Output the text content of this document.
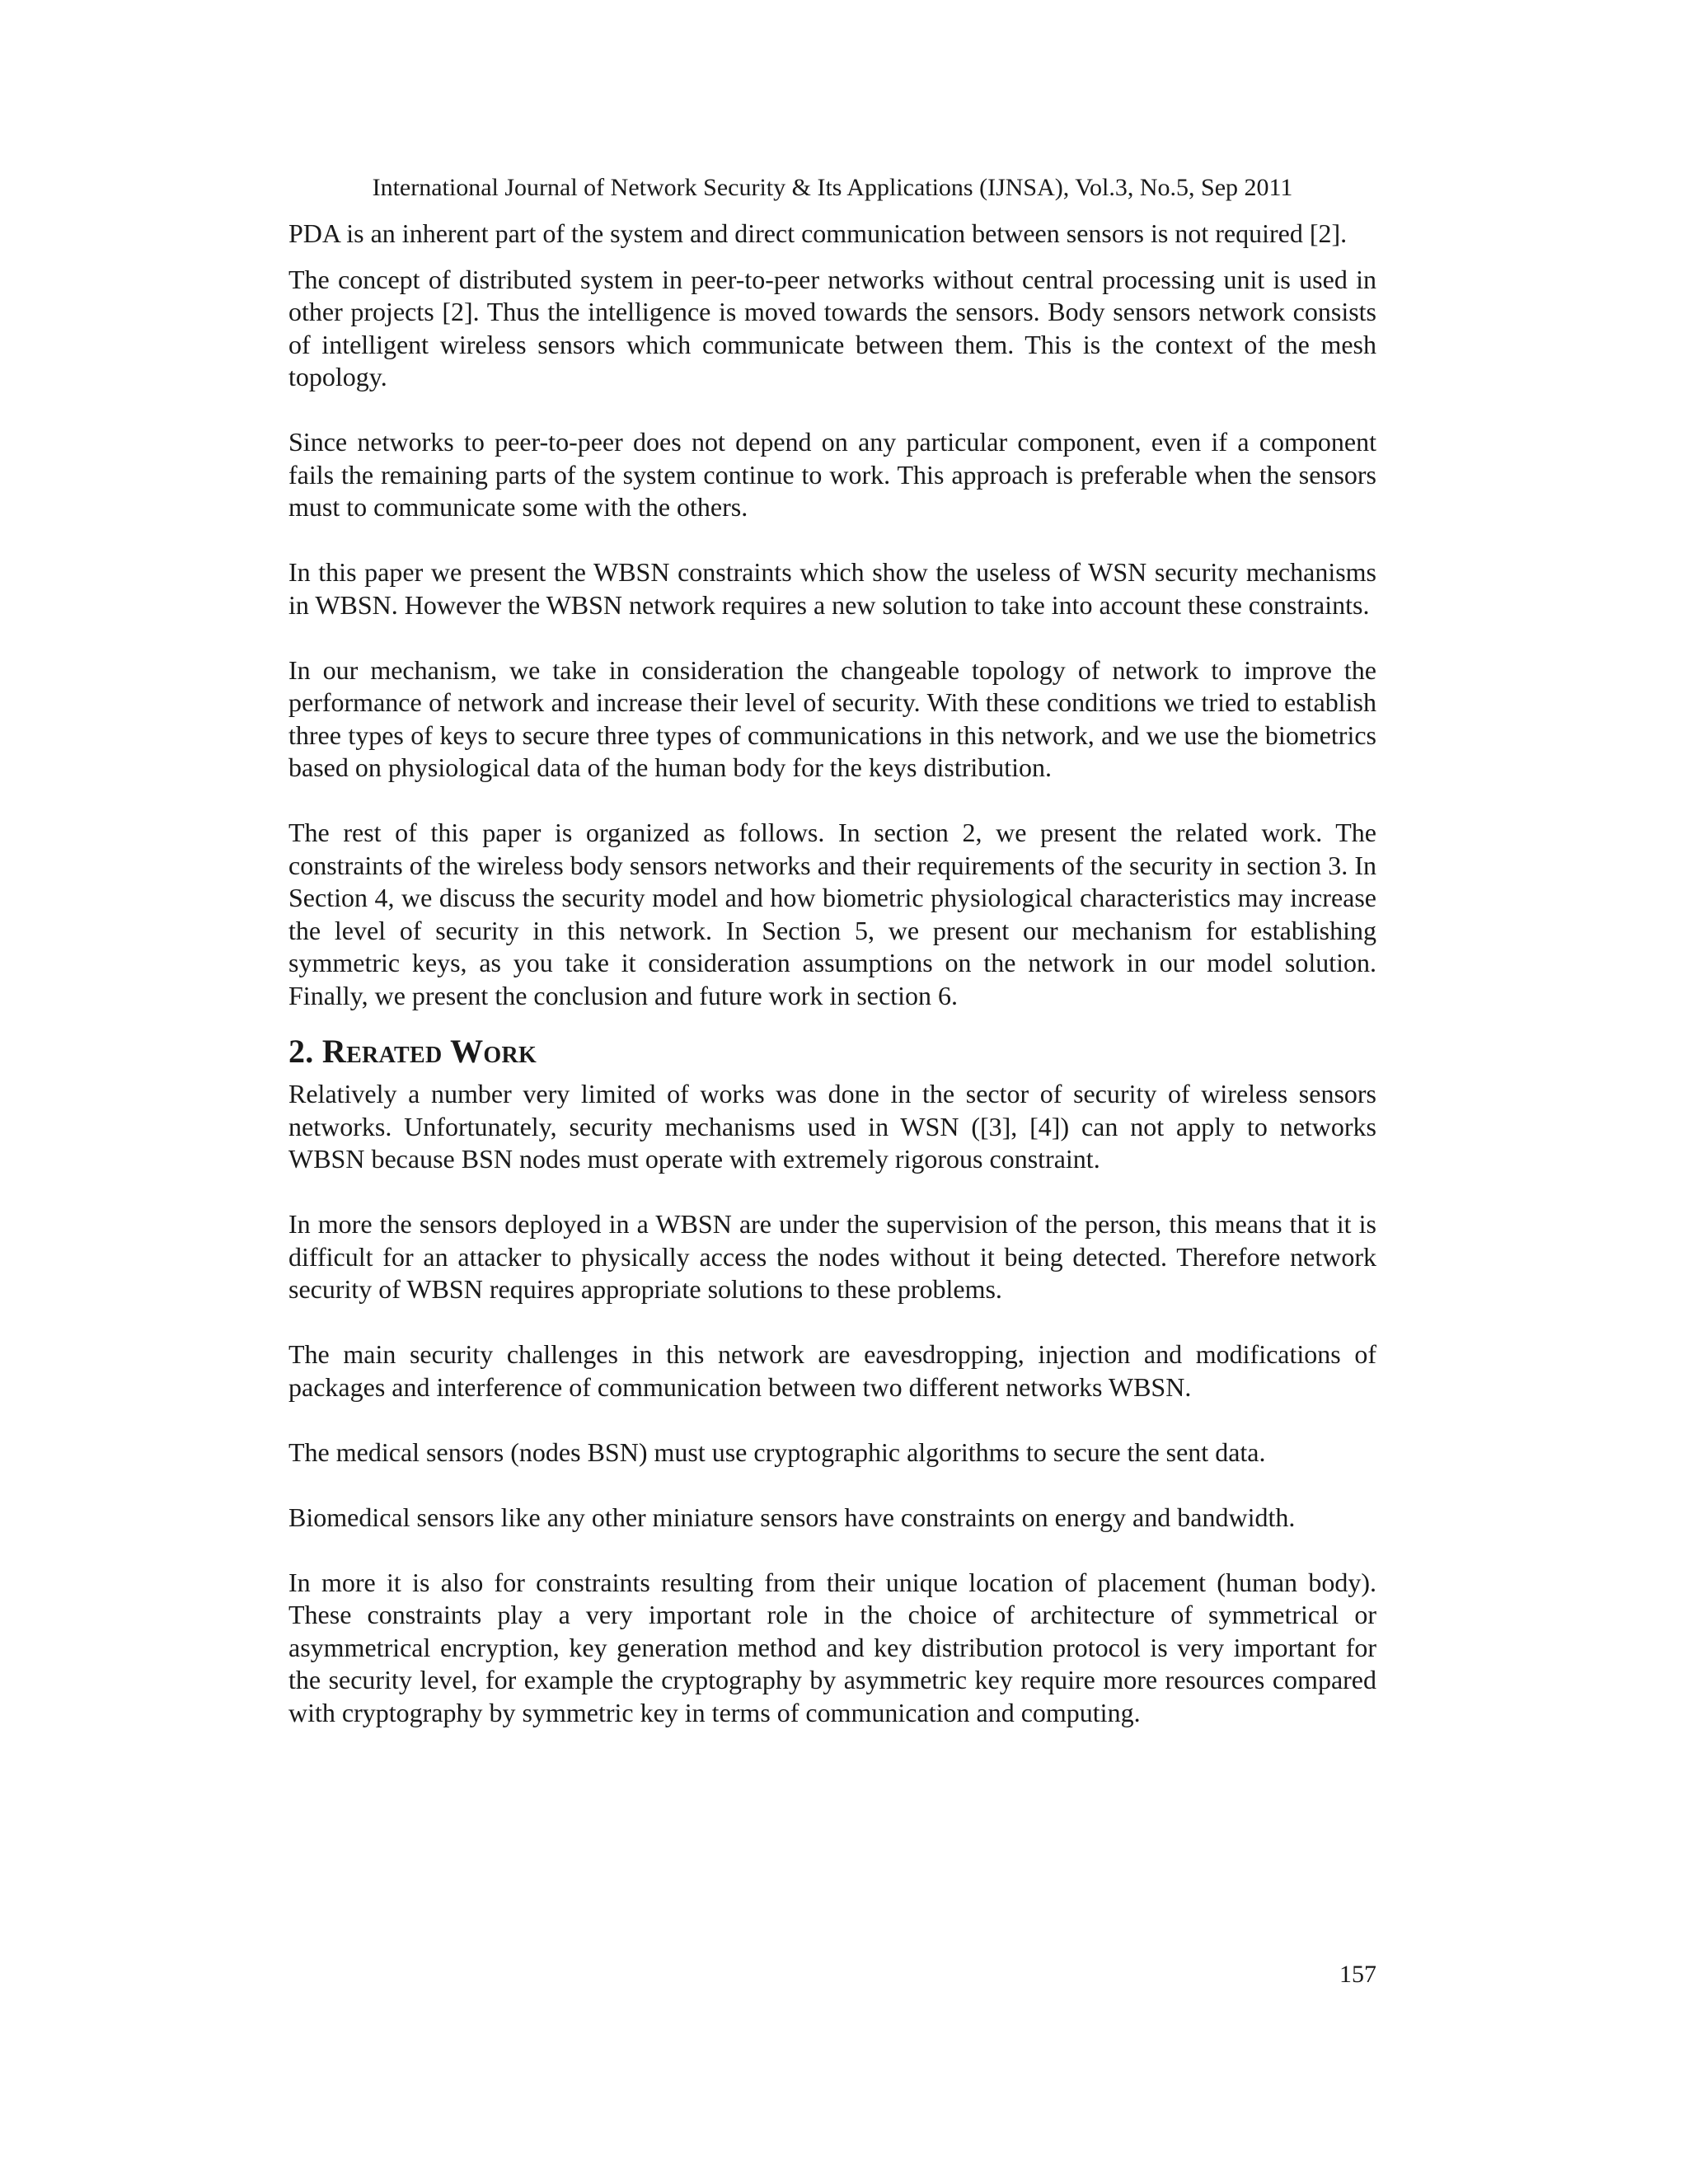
International Journal of Network Security & Its Applications (IJNSA), Vol.3, No.5, Sep 2011

PDA is an inherent part of the system and direct communication between sensors is not required [2].

The concept of distributed system in peer-to-peer networks without central processing unit is used in other projects [2]. Thus the intelligence is moved towards the sensors. Body sensors network consists of intelligent wireless sensors which communicate between them. This is the context of the mesh topology.

Since networks to peer-to-peer does not depend on any particular component, even if a component fails the remaining parts of the system continue to work. This approach is preferable when the sensors must to communicate some with the others.

In this paper we present the WBSN constraints which show the useless of WSN security mechanisms in WBSN. However the WBSN network requires a new solution to take into account these constraints.

In our mechanism, we take in consideration the changeable topology of network to improve the performance of network and increase their level of security. With these conditions we tried to establish three types of keys to secure three types of communications in this network, and we use the biometrics based on physiological data of the human body for the keys distribution.

The rest of this paper is organized as follows. In section 2, we present the related work. The constraints of the wireless body sensors networks and their requirements of the security in section 3. In Section 4, we discuss the security model and how biometric physiological characteristics may increase the level of security in this network. In Section 5, we present our mechanism for establishing symmetric keys, as you take it consideration assumptions on the network in our model solution. Finally, we present the conclusion and future work in section 6.

2. Rerated Work

Relatively a number very limited of works was done in the sector of security of wireless sensors networks. Unfortunately, security mechanisms used in WSN ([3], [4]) can not apply to networks WBSN because BSN nodes must operate with extremely rigorous constraint.

In more the sensors deployed in a WBSN are under the supervision of the person, this means that it is difficult for an attacker to physically access the nodes without it being detected. Therefore network security of WBSN requires appropriate solutions to these problems.

The main security challenges in this network are eavesdropping, injection and modifications of packages and interference of communication between two different networks WBSN.

The medical sensors (nodes BSN) must use cryptographic algorithms to secure the sent data.

Biomedical sensors like any other miniature sensors have constraints on energy and bandwidth.

In more it is also for constraints resulting from their unique location of placement (human body). These constraints play a very important role in the choice of architecture of symmetrical or asymmetrical encryption, key generation method and key distribution protocol is very important for the security level, for example the cryptography by asymmetric key require more resources compared with cryptography by symmetric key in terms of communication and computing.

157
